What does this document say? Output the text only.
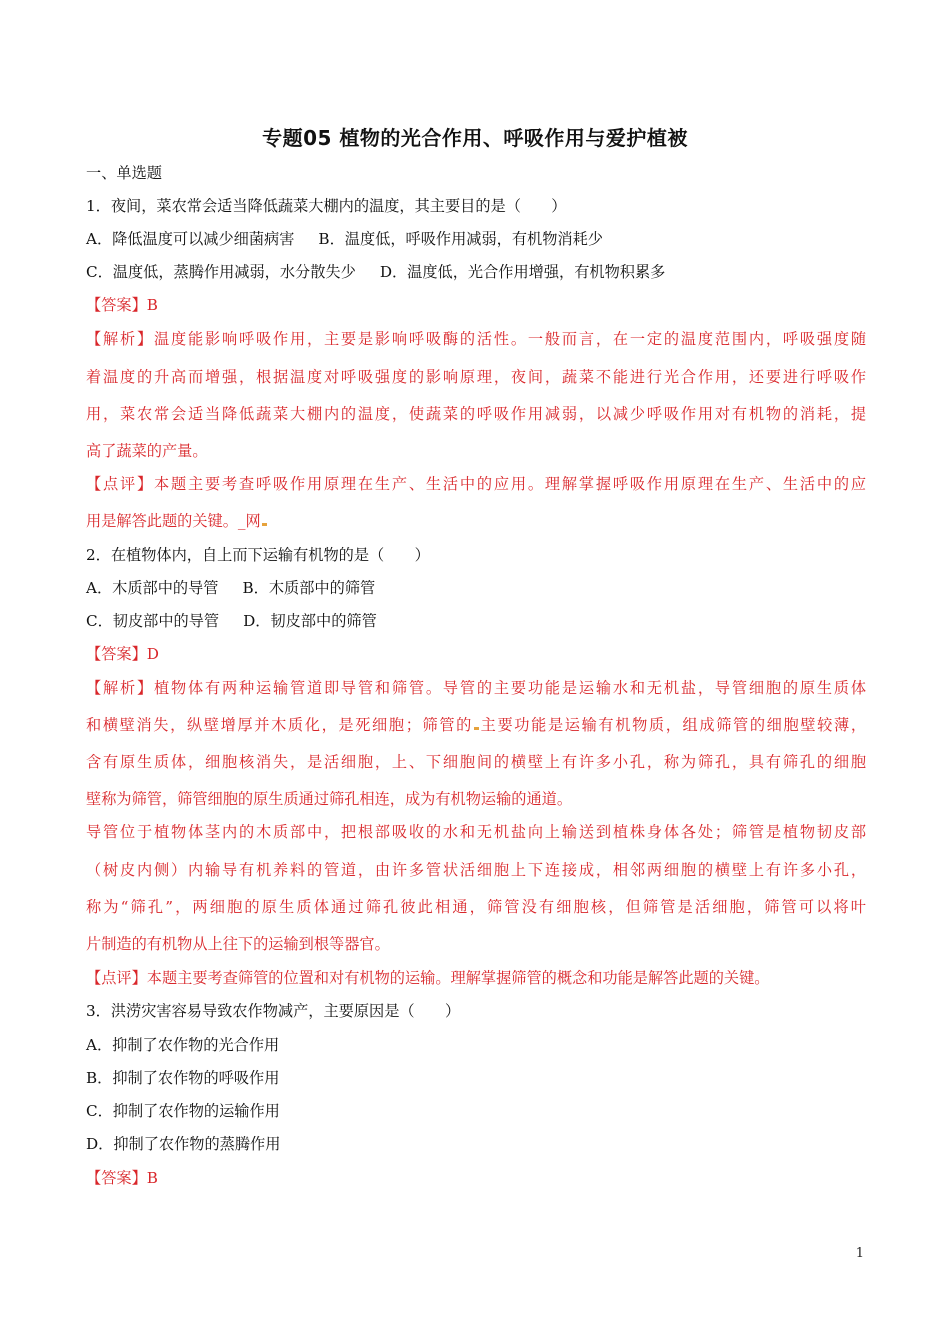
专题05 植物的光合作用、呼吸作用与爱护植被
一、单选题
1．夜间，菜农常会适当降低蔬菜大棚内的温度，其主要目的是（　　）
A．降低温度可以减少细菌病害 B．温度低，呼吸作用减弱，有机物消耗少
C．温度低，蒸腾作用减弱，水分散失少 D．温度低，光合作用增强，有机物积累多
【答案】B
【解析】温度能影响呼吸作用，主要是影响呼吸酶的活性。一般而言，在一定的温度范围内，呼吸强度随
着温度的升高而增强，根据温度对呼吸强度的影响原理，夜间，蔬菜不能进行光合作用，还要进行呼吸作
用，菜农常会适当降低蔬菜大棚内的温度，使蔬菜的呼吸作用减弱，以减少呼吸作用对有机物的消耗，提
高了蔬菜的产量。
【点评】本题主要考查呼吸作用原理在生产、生活中的应用。理解掌握呼吸作用原理在生产、生活中的应
用是解答此题的关键。_网
2．在植物体内，自上而下运输有机物的是（　　）
A．木质部中的导管 B．木质部中的筛管
C．韧皮部中的导管 D．韧皮部中的筛管
【答案】D
【解析】植物体有两种运输管道即导管和筛管。导管的主要功能是运输水和无机盐，导管细胞的原生质体
和横壁消失，纵壁增厚并木质化，是死细胞；筛管的 主要功能是运输有机物质，组成筛管的细胞壁较薄，
含有原生质体，细胞核消失，是活细胞，上、下细胞间的横壁上有许多小孔，称为筛孔，具有筛孔的细胞
壁称为筛管，筛管细胞的原生质通过筛孔相连，成为有机物运输的通道。
导管位于植物体茎内的木质部中，把根部吸收的水和无机盐向上输送到植株身体各处；筛管是植物韧皮部
（树皮内侧）内输导有机养料的管道，由许多管状活细胞上下连接成，相邻两细胞的横壁上有许多小孔，
称为“筛孔”，两细胞的原生质体通过筛孔彼此相通，筛管没有细胞核，但筛管是活细胞，筛管可以将叶
片制造的有机物从上往下的运输到根等器官。
【点评】本题主要考查筛管的位置和对有机物的运输。理解掌握筛管的概念和功能是解答此题的关键。
3．洪涝灾害容易导致农作物减产，主要原因是（　　）
A．抑制了农作物的光合作用
B．抑制了农作物的呼吸作用
C．抑制了农作物的运输作用
D．抑制了农作物的蒸腾作用
【答案】B
1
